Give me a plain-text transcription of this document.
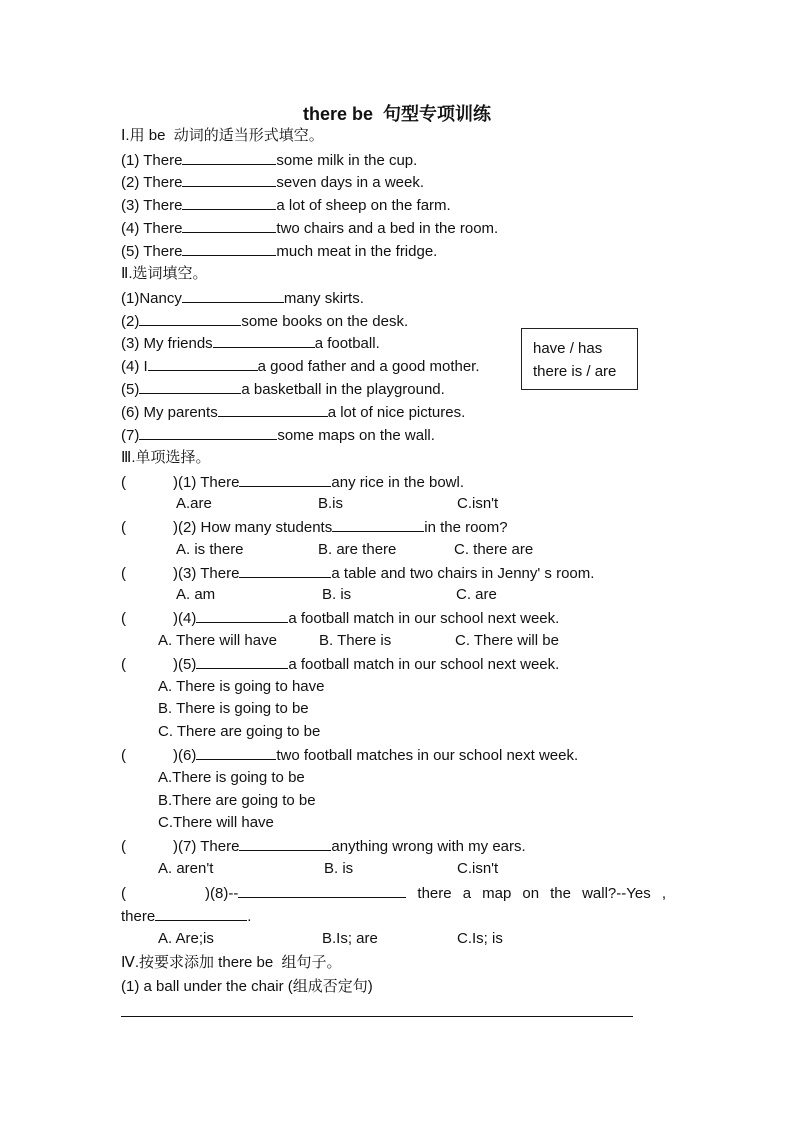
there be 句型专项训练
Ⅰ.用 be  动词的适当形式填空。
(1) There	some milk in the cup.
(2) There	seven days in a week.
(3) There	a lot of sheep on the farm.
(4) There	two chairs and a bed in the room.
(5) There	much meat in the fridge.
Ⅱ.选词填空。
(1)Nancy	many skirts.
(2)	some books on the desk.
(3) My friends	a football.
(4) I	a good father and a good mother.
(5)	a basketball in the playground.
(6) My parents	a lot of nice pictures.
(7)	some maps on the wall.
have / has
there is / are
Ⅲ.单项选择。
(	)(1) There	any rice in the bowl.
A.are	B.is	C.isn't
(	)(2) How many students	in the room?
A. is there	B. are there	C. there are
(	)(3) There	a table and two chairs in Jenny' s room.
A. am	B. is	C. are
(	)(4)	a football match in our school next week.
A. There will have	B. There is	C. There will be
(	)(5)	a football match in our school next week.
A. There is going to have
B. There is going to be
C. There are going to be
(	)(6)	two football matches in our school next week.
A.There is going to be
B.There are going to be
C.There will have
(	)(7) There	anything wrong with my ears.
A. aren't	B. is	C.isn't
(	)(8)--	there a map on the wall?--Yes ,
there	.
A. Are;is	B.Is; are	C.Is; is
Ⅳ.按要求添加 there be  组句子。
(1) a ball under the chair (组成否定句)
